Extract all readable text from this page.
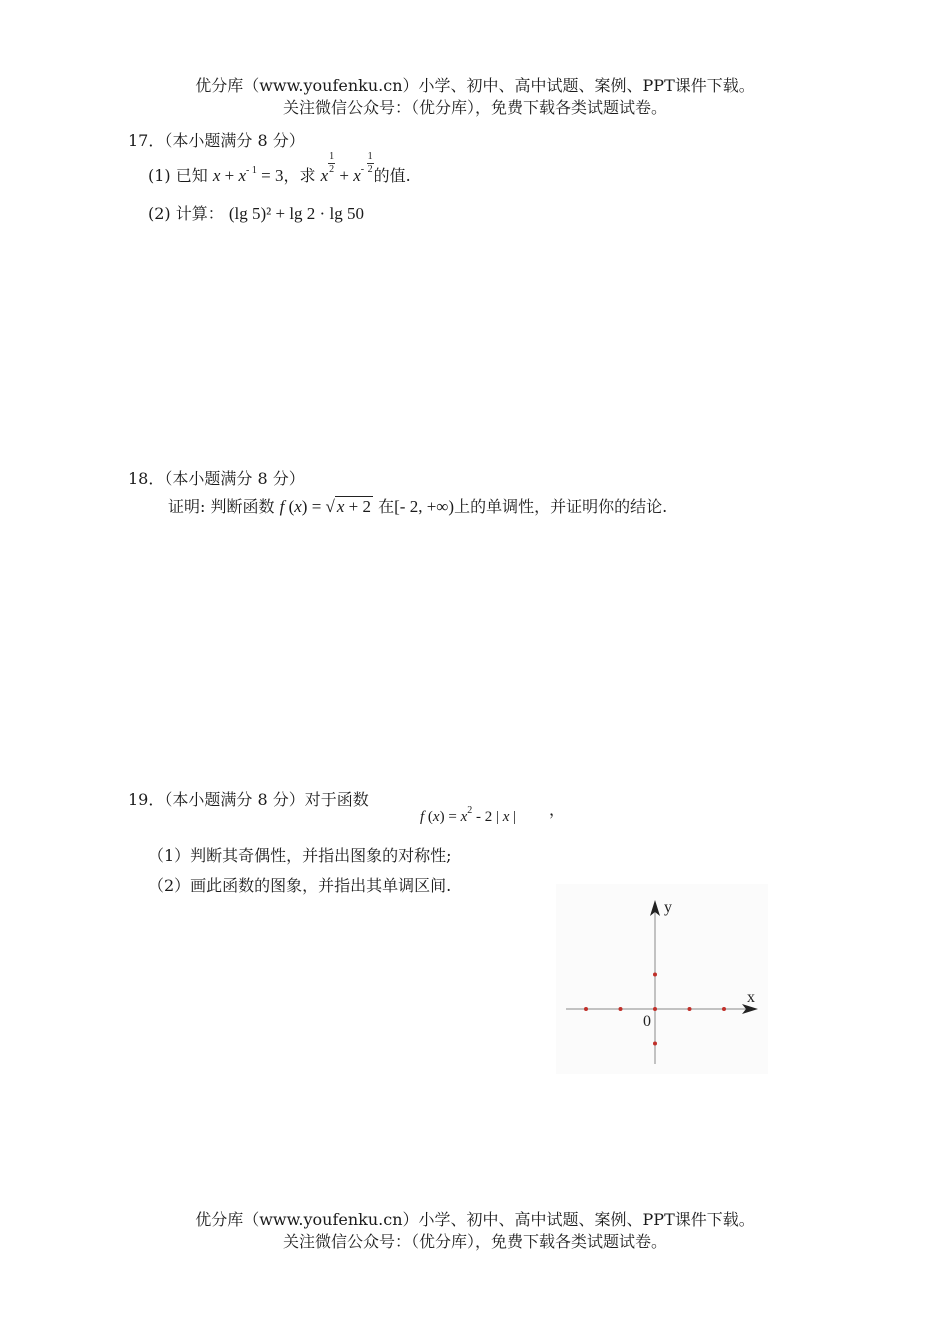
优分库（www.youfenku.cn）小学、初中、高中试题、案例、PPT课件下载。
关注微信公众号：（优分库），免费下载各类试题试卷。
17．（本小题满分 8 分）
(1) 已知 $x + x^{- 1} = 3$，求 x
$\frac{1}{2}$
+ $x- \frac{1}{2}$
的值.
(2) 计算： (lg 5)² + lg 2 · lg 50
18．（本小题满分 8 分）
证明: 判断函数 f (x) = √ x + 2 在[- 2, +∞)上的单调性，并证明你的结论.
19．（本小题满分 8 分）对于函数
f $(x) = x^2 - 2$ | x | ，
（1）判断其奇偶性，并指出图象的对称性;
（2）画此函数的图象，并指出其单调区间.
x
y
0
优分库（www.youfenku.cn）小学、初中、高中试题、案例、PPT课件下载。
关注微信公众号：（优分库），免费下载各类试题试卷。
